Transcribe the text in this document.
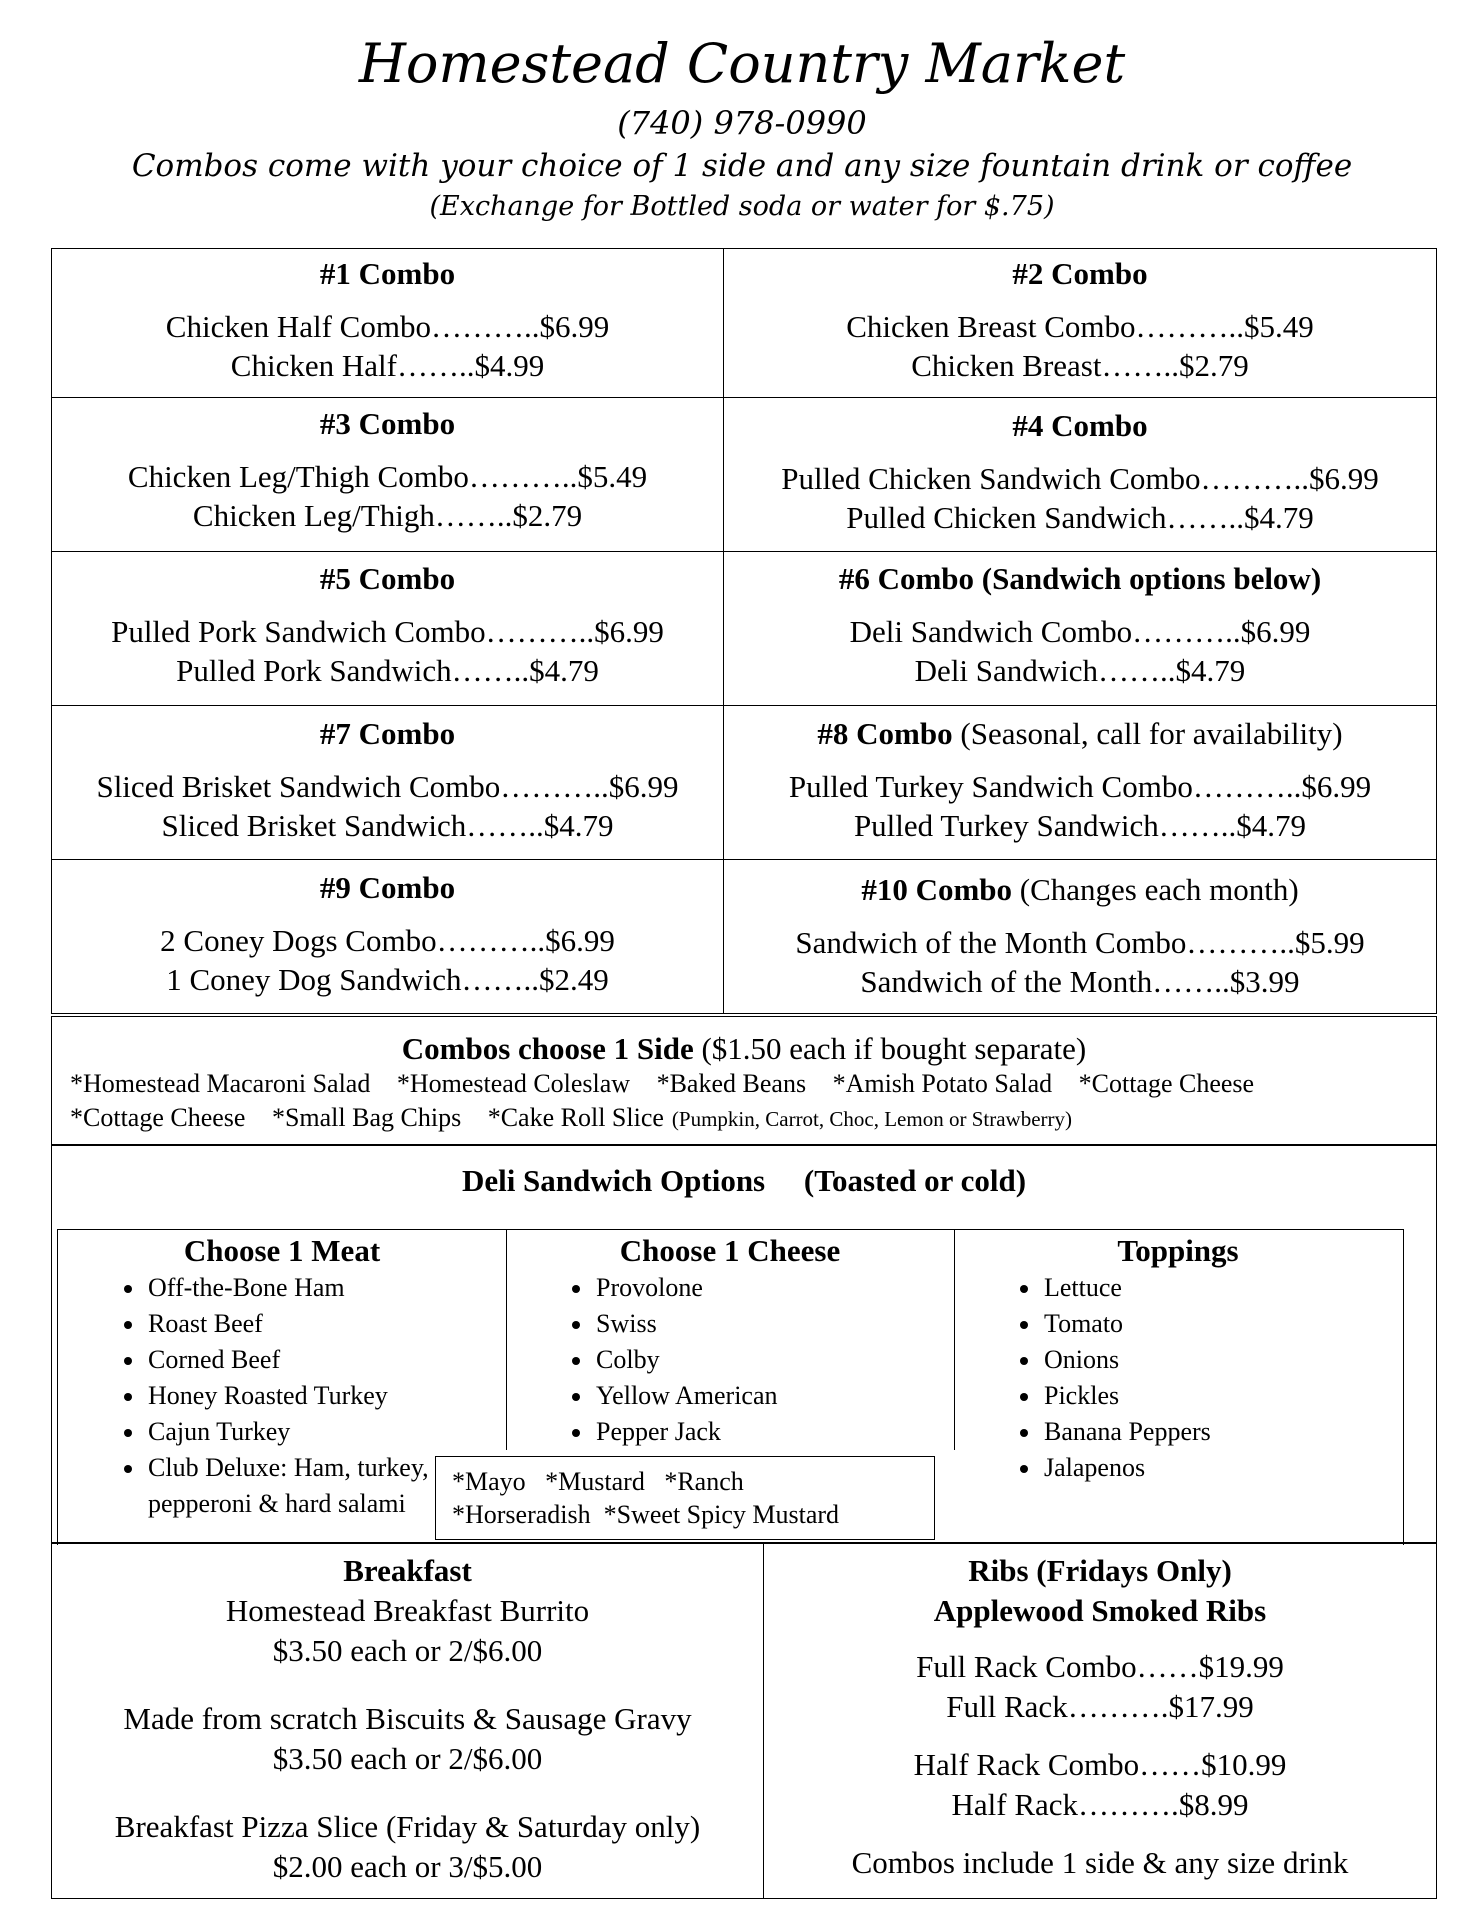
Homestead Country Market
(740) 978-0990
Combos come with your choice of 1 side and any size fountain drink or coffee
(Exchange for Bottled soda or water for $.75)
#1 Combo
Chicken Half Combo………..$6.99
Chicken Half……..$4.99
#2 Combo
Chicken Breast Combo………..$5.49
Chicken Breast……..$2.79
#3 Combo
Chicken Leg/Thigh Combo………..$5.49
Chicken Leg/Thigh……..$2.79
#4 Combo
Pulled Chicken Sandwich Combo………..$6.99
Pulled Chicken Sandwich……..$4.79
#5 Combo
Pulled Pork Sandwich Combo………..$6.99
Pulled Pork Sandwich……..$4.79
#6 Combo (Sandwich options below)
Deli Sandwich Combo………..$6.99
Deli Sandwich……..$4.79
#7 Combo
Sliced Brisket Sandwich Combo………..$6.99
Sliced Brisket Sandwich……..$4.79
#8 Combo (Seasonal, call for availability)
Pulled Turkey Sandwich Combo………..$6.99
Pulled Turkey Sandwich……..$4.79
#9 Combo
2 Coney Dogs Combo………..$6.99
1 Coney Dog Sandwich……..$2.49
#10 Combo (Changes each month)
Sandwich of the Month Combo………..$5.99
Sandwich of the Month……..$3.99
Combos choose 1 Side ($1.50 each if bought separate)
*Homestead Macaroni Salad *Homestead Coleslaw *Baked Beans *Amish Potato Salad *Cottage Cheese
*Cottage Cheese *Small Bag Chips *Cake Roll Slice (Pumpkin, Carrot, Choc, Lemon or Strawberry)
Deli Sandwich Options     (Toasted or cold)
Choose 1 Meat
• Off-the-Bone Ham
• Roast Beef
• Corned Beef
• Honey Roasted Turkey
• Cajun Turkey
• Club Deluxe: Ham, turkey,
pepperoni & hard salami
Choose 1 Cheese
• Provolone
• Swiss
• Colby
• Yellow American
• Pepper Jack
Toppings
• Lettuce
• Tomato
• Onions
• Pickles
• Banana Peppers
• Jalapenos
*Mayo   *Mustard   *Ranch
*Horseradish  *Sweet Spicy Mustard
Breakfast
Homestead Breakfast Burrito
$3.50 each or 2/$6.00
Made from scratch Biscuits & Sausage Gravy
$3.50 each or 2/$6.00
Breakfast Pizza Slice (Friday & Saturday only)
$2.00 each or 3/$5.00
Ribs (Fridays Only)
Applewood Smoked Ribs
Full Rack Combo……$19.99
Full Rack……….$17.99
Half Rack Combo……$10.99
Half Rack……….$8.99
Combos include 1 side & any size drink
